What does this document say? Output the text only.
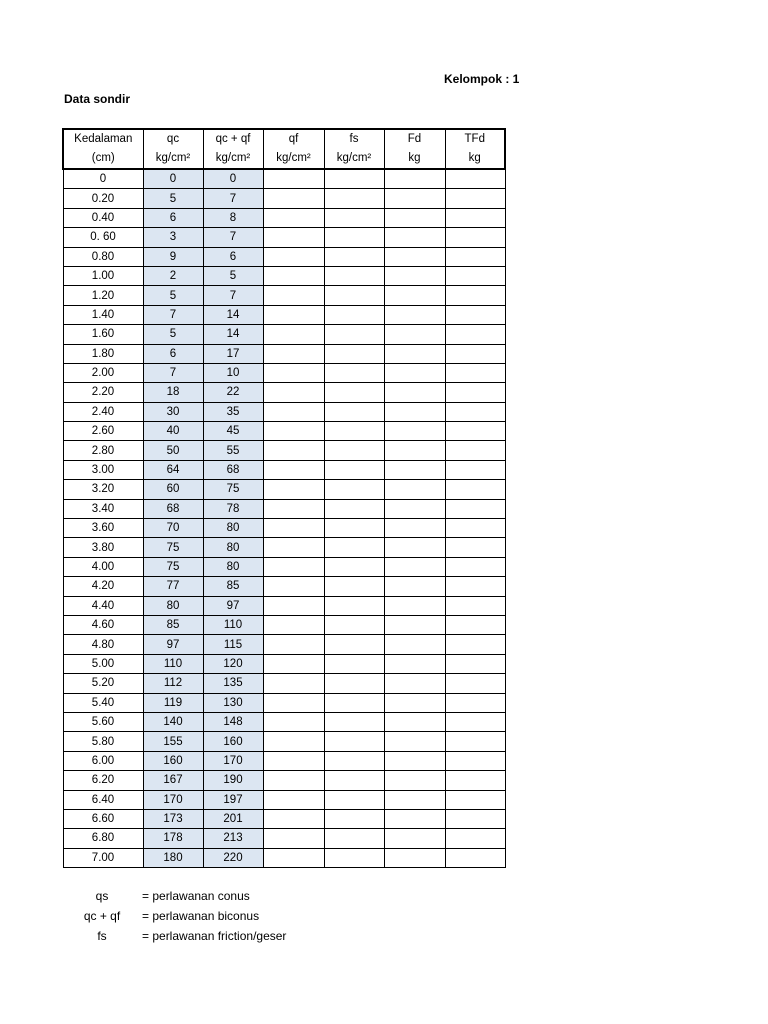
Kelompok : 1
Data sondir
Kedalaman	qc	qc + qf	qf	fs	Fd	TFd
(cm)	kg/cm²	kg/cm²	kg/cm²	kg/cm²	kg	kg
0	0	0				
0.20	5	7				
0.40	6	8				
0. 60	3	7				
0.80	9	6				
1.00	2	5				
1.20	5	7				
1.40	7	14				
1.60	5	14				
1.80	6	17				
2.00	7	10				
2.20	18	22				
2.40	30	35				
2.60	40	45				
2.80	50	55				
3.00	64	68				
3.20	60	75				
3.40	68	78				
3.60	70	80				
3.80	75	80				
4.00	75	80				
4.20	77	85				
4.40	80	97				
4.60	85	110				
4.80	97	115				
5.00	110	120				
5.20	112	135				
5.40	119	130				
5.60	140	148				
5.80	155	160				
6.00	160	170				
6.20	167	190				
6.40	170	197				
6.60	173	201				
6.80	178	213				
7.00	180	220				
qs	= perlawanan conus
qc + qf	= perlawanan biconus
fs	= perlawanan friction/geser
